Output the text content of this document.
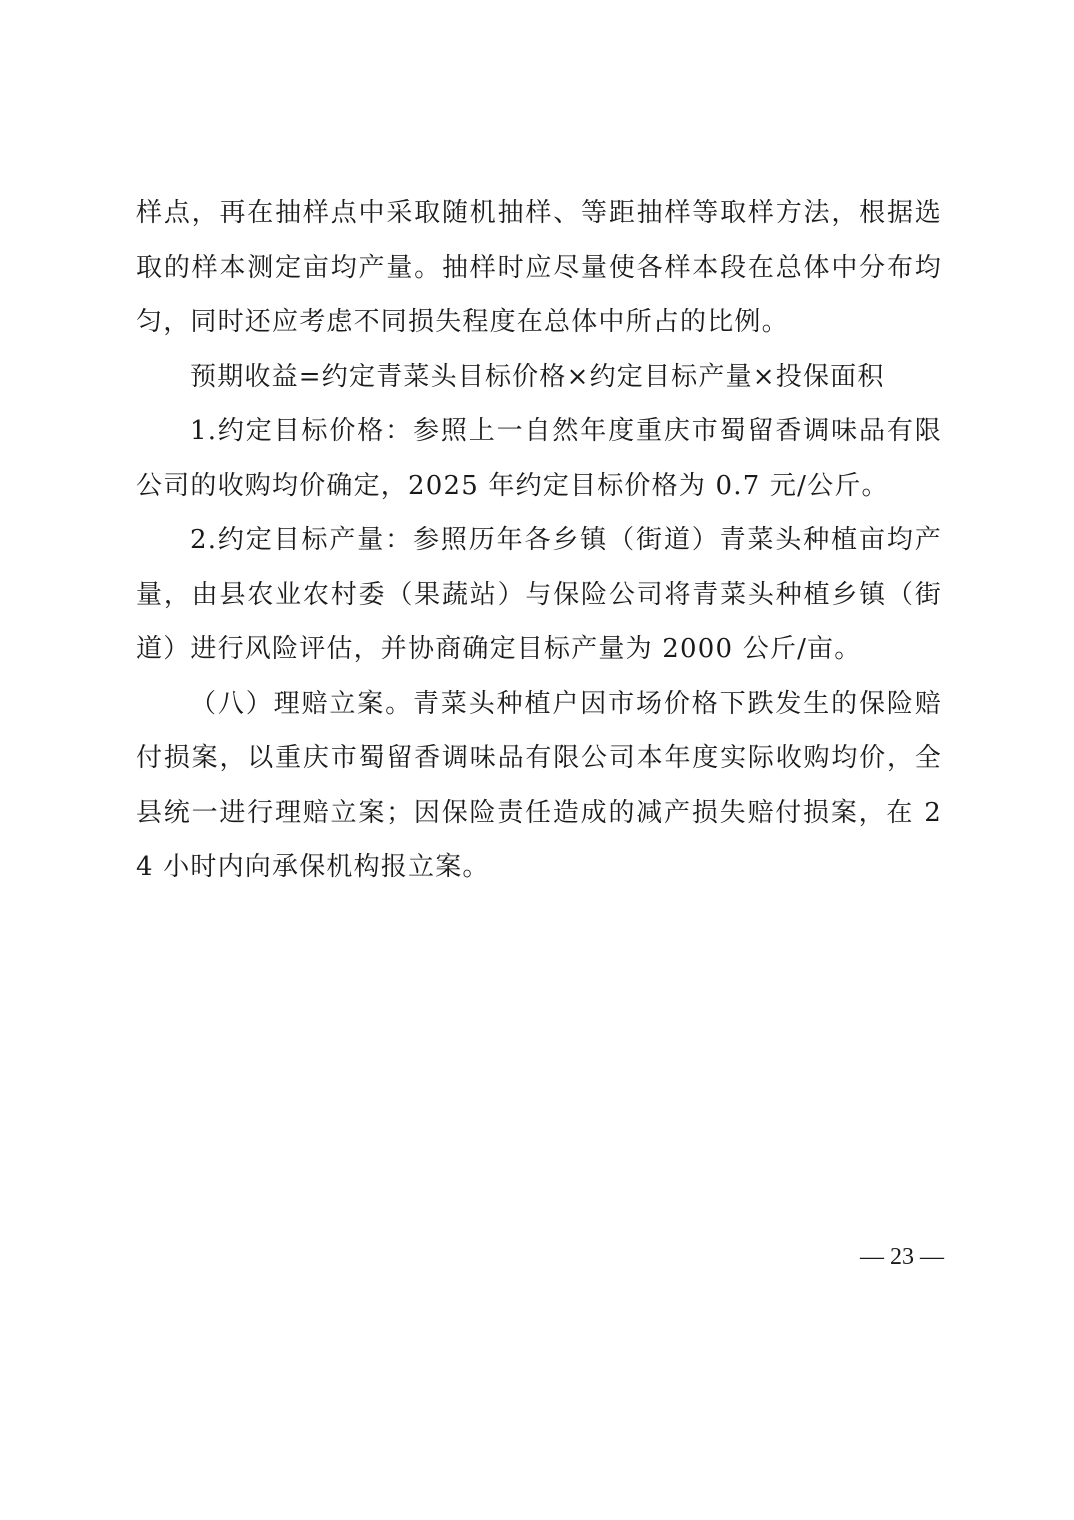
样点，再在抽样点中采取随机抽样、等距抽样等取样方法，根据选取的样本测定亩均产量。抽样时应尽量使各样本段在总体中分布均匀，同时还应考虑不同损失程度在总体中所占的比例。

预期收益=约定青菜头目标价格×约定目标产量×投保面积

1.约定目标价格：参照上一自然年度重庆市蜀留香调味品有限公司的收购均价确定，2025 年约定目标价格为 0.7 元/公斤。

2.约定目标产量：参照历年各乡镇（街道）青菜头种植亩均产量，由县农业农村委（果蔬站）与保险公司将青菜头种植乡镇（街道）进行风险评估，并协商确定目标产量为 2000 公斤/亩。

（八）理赔立案。青菜头种植户因市场价格下跌发生的保险赔付损案，以重庆市蜀留香调味品有限公司本年度实际收购均价，全县统一进行理赔立案；因保险责任造成的减产损失赔付损案，在 24 小时内向承保机构报立案。

— 23 —
